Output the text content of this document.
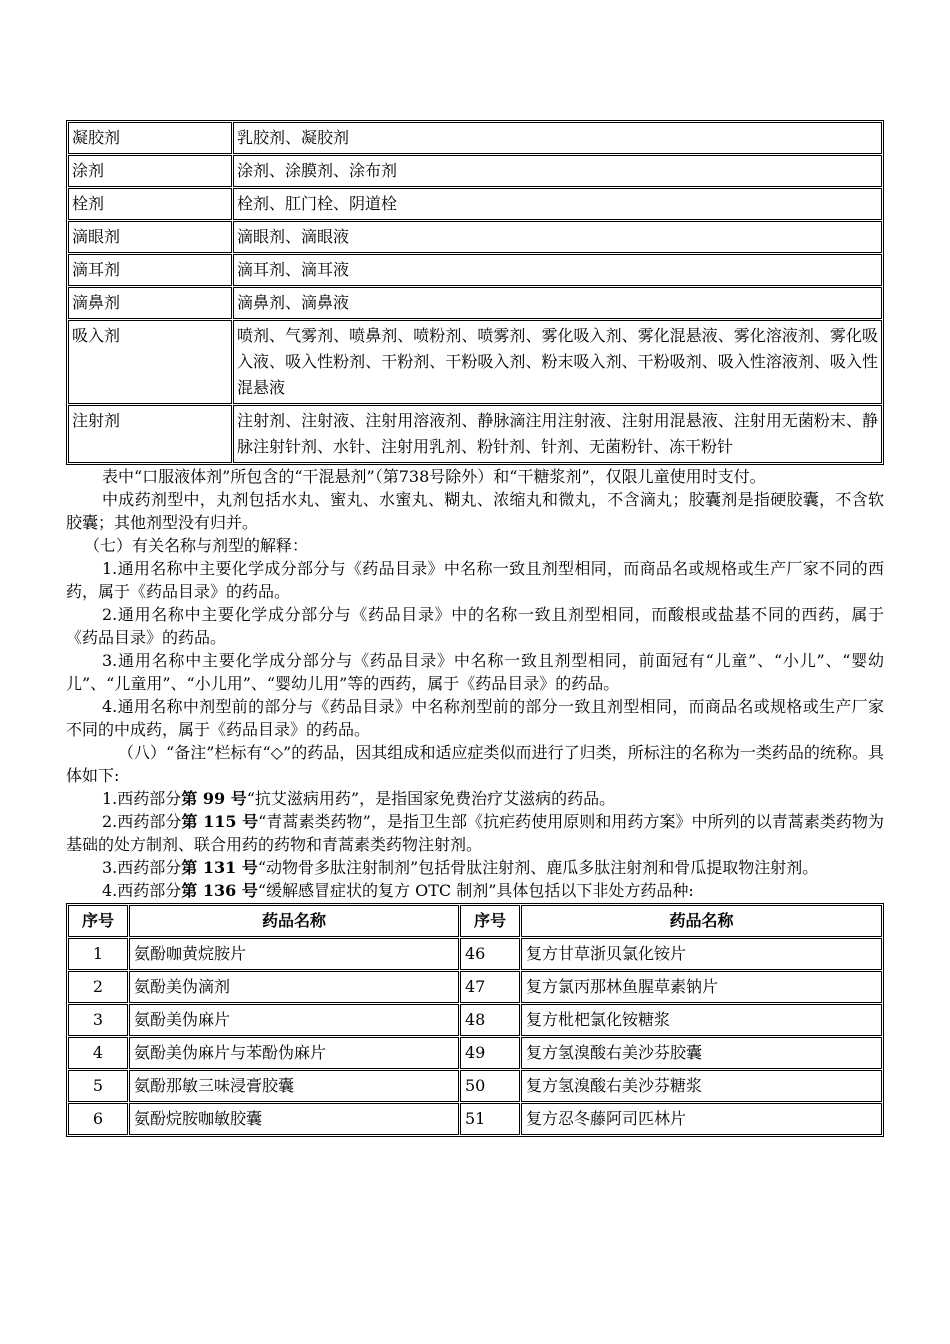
凝胶剂	乳胶剂、凝胶剂
涂剂	涂剂、涂膜剂、涂布剂
栓剂	栓剂、肛门栓、阴道栓
滴眼剂	滴眼剂、滴眼液
滴耳剂	滴耳剂、滴耳液
滴鼻剂	滴鼻剂、滴鼻液
吸入剂	喷剂、气雾剂、喷鼻剂、喷粉剂、喷雾剂、雾化吸入剂、雾化混悬液、雾化溶液剂、雾化吸入液、吸入性粉剂、干粉剂、干粉吸入剂、粉末吸入剂、干粉吸剂、吸入性溶液剂、吸入性混悬液
注射剂	注射剂、注射液、注射用溶液剂、静脉滴注用注射液、注射用混悬液、注射用无菌粉末、静脉注射针剂、水针、注射用乳剂、粉针剂、针剂、无菌粉针、冻干粉针

表中“口服液体剂”所包含的“干混悬剂”（第738号除外）和“干糖浆剂”，仅限儿童使用时支付。

中成药剂型中，丸剂包括水丸、蜜丸、水蜜丸、糊丸、浓缩丸和微丸，不含滴丸；胶囊剂是指硬胶囊，不含软胶囊；其他剂型没有归并。

（七）有关名称与剂型的解释：

1.通用名称中主要化学成分部分与《药品目录》中名称一致且剂型相同，而商品名或规格或生产厂家不同的西药，属于《药品目录》的药品。

2.通用名称中主要化学成分部分与《药品目录》中的名称一致且剂型相同，而酸根或盐基不同的西药，属于《药品目录》的药品。

3.通用名称中主要化学成分部分与《药品目录》中名称一致且剂型相同，前面冠有“儿童”、“小儿”、“婴幼儿”、“儿童用”、“小儿用”、“婴幼儿用”等的西药，属于《药品目录》的药品。

4.通用名称中剂型前的部分与《药品目录》中名称剂型前的部分一致且剂型相同，而商品名或规格或生产厂家不同的中成药，属于《药品目录》的药品。

（八）“备注”栏标有“◇”的药品，因其组成和适应症类似而进行了归类，所标注的名称为一类药品的统称。具体如下:

1.西药部分第 99 号“抗艾滋病用药”，是指国家免费治疗艾滋病的药品。

2.西药部分第 115 号“青蒿素类药物”，是指卫生部《抗疟药使用原则和用药方案》中所列的以青蒿素类药物为基础的处方制剂、联合用药的药物和青蒿素类药物注射剂。

3.西药部分第 131 号“动物骨多肽注射制剂”包括骨肽注射剂、鹿瓜多肽注射剂和骨瓜提取物注射剂。

4.西药部分第 136 号“缓解感冒症状的复方 OTC 制剂”具体包括以下非处方药品种:

序号	药品名称	序号	药品名称
1	氨酚咖黄烷胺片	46	复方甘草浙贝氯化铵片
2	氨酚美伪滴剂	47	复方氯丙那林鱼腥草素钠片
3	氨酚美伪麻片	48	复方枇杷氯化铵糖浆
4	氨酚美伪麻片与苯酚伪麻片	49	复方氢溴酸右美沙芬胶囊
5	氨酚那敏三味浸膏胶囊	50	复方氢溴酸右美沙芬糖浆
6	氨酚烷胺咖敏胶囊	51	复方忍冬藤阿司匹林片
